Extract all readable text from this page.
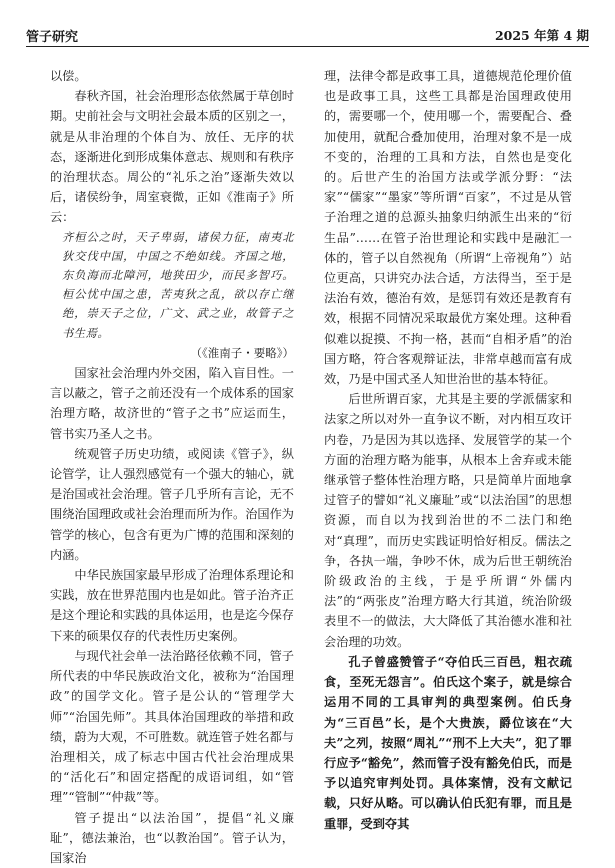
管子研究	2025 年第 4 期

以偿。

春秋齐国，社会治理形态依然属于草创时期。史前社会与文明社会最本质的区别之一，就是从非治理的个体自为、放任、无序的状态，逐渐进化到形成集体意志、规则和有秩序的治理状态。周公的“礼乐之治”逐渐失效以后，诸侯纷争，周室衰微，正如《淮南子》所云：

齐桓公之时，天子卑弱，诸侯力征，南夷北狄交伐中国，中国之不绝如线。齐国之地，东负海而北障河，地狭田少，而民多智巧。桓公忧中国之患，苦夷狄之乱，欲以存亡继绝，崇天子之位，广文、武之业，故管子之书生焉。

（《淮南子・要略》）

国家社会治理内外交困，陷入盲目性。一言以蔽之，管子之前还没有一个成体系的国家治理方略，故济世的“管子之书”应运而生，管书实乃圣人之书。

统观管子历史功绩，或阅读《管子》，纵论管学，让人强烈感觉有一个强大的轴心，就是治国或社会治理。管子几乎所有言论，无不围绕治国理政或社会治理而所为作。治国作为管学的核心，包含有更为广博的范围和深刻的内涵。

中华民族国家最早形成了治理体系理论和实践，放在世界范围内也是如此。管子治齐正是这个理论和实践的具体运用，也是迄今保存下来的硕果仅存的代表性历史案例。

与现代社会单一法治路径依赖不同，管子所代表的中华民族政治文化，被称为“治国理政”的国学文化。管子是公认的“管理学大师”“治国先师”。其具体治国理政的举措和政绩，蔚为大观，不可胜数。就连管子姓名都与治理相关，成了标志中国古代社会治理成果的“活化石”和固定搭配的成语词组，如“管理”“管制”“仲裁”等。

管子提出“以法治国”，提倡“礼义廉耻”，德法兼治，也“以教治国”。管子认为，国家治

理，法律令都是政事工具，道德规范伦理价值也是政事工具，这些工具都是治国理政使用的，需要哪一个，使用哪一个，需要配合、叠加使用，就配合叠加使用，治理对象不是一成不变的，治理的工具和方法，自然也是变化的。后世产生的治国方法或学派分野：“法家”“儒家”“墨家”等所谓“百家”，不过是从管子治理之道的总源头抽象归纳派生出来的“衍生品”……在管子治世理论和实践中是融汇一体的，管子以自然视角（所谓“上帝视角”）站位更高，只讲究办法合适，方法得当，至于是法治有效，德治有效，是惩罚有效还是教育有效，根据不同情况采取最优方案处理。这种看似难以捉摸、不拘一格，甚而“自相矛盾”的治国方略，符合客观辩证法，非常卓越而富有成效，乃是中国式圣人知世治世的基本特征。

后世所谓百家，尤其是主要的学派儒家和法家之所以对外一直争议不断，对内相互攻讦内卷，乃是因为其以选择、发展管学的某一个方面的治理方略为能事，从根本上舍弃或未能继承管子整体性治理方略，只是简单片面地拿过管子的譬如“礼义廉耻”或“以法治国”的思想资源，而自以为找到治世的不二法门和绝对“真理”，而历史实践证明恰好相反。儒法之争，各执一端，争吵不休，成为后世王朝统治阶级政治的主线，于是乎所谓“外儒内法”的“两张皮”治理方略大行其道，统治阶级表里不一的做法，大大降低了其治德水准和社会治理的功效。

孔子曾盛赞管子“夺伯氏三百邑，粗衣疏食，至死无怨言”。伯氏这个案子，就是综合运用不同的工具审判的典型案例。伯氏身为“三百邑”长，是个大贵族，爵位该在“大夫”之列，按照“周礼”“刑不上大夫”，犯了罪行应予“豁免”，然而管子没有豁免伯氏，而是予以追究审判处罚。具体案情，没有文献记载，只好从略。可以确认伯氏犯有罪，而且是重罪，受到夺其
